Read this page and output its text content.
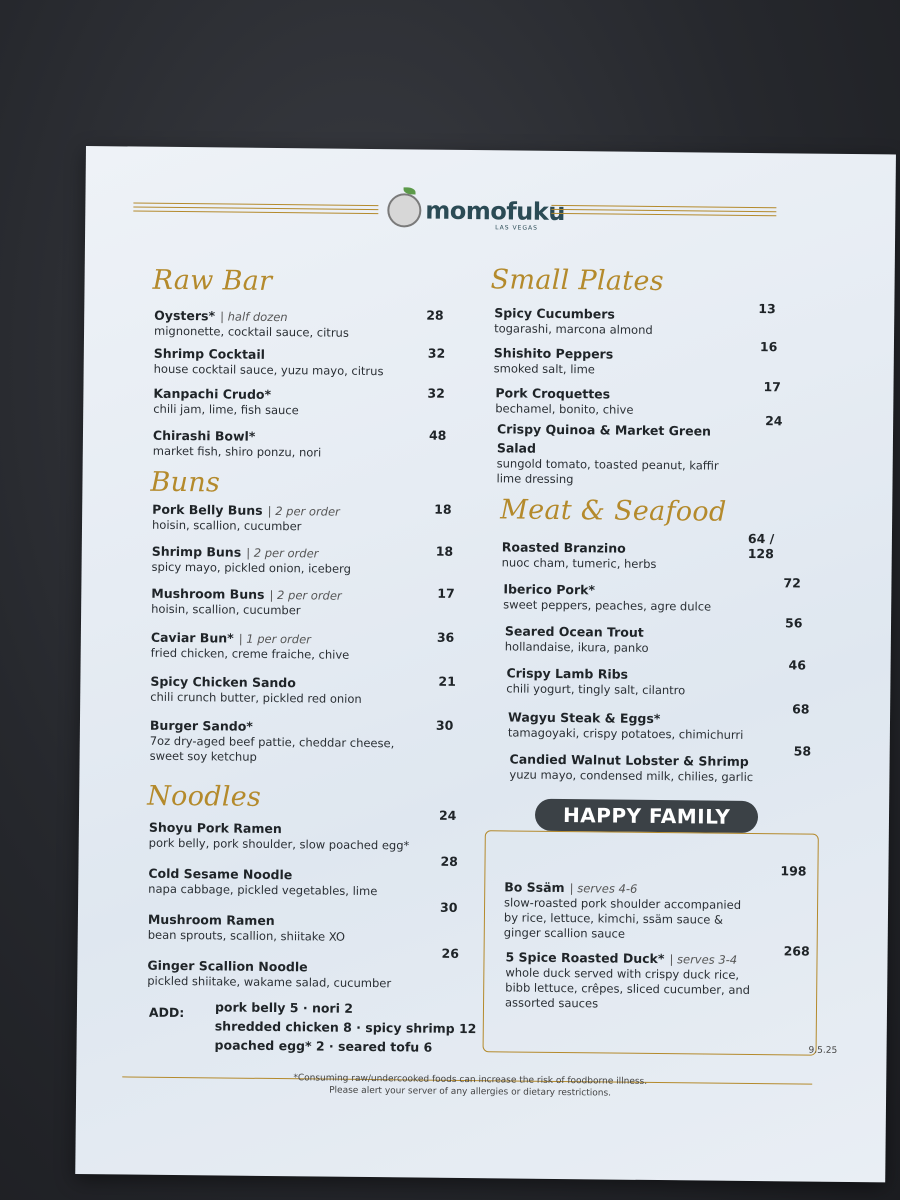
momofuku
LAS VEGAS
Raw Bar
Oysters* | half dozen
mignonette, cocktail sauce, citrus
28
Shrimp Cocktail
house cocktail sauce, yuzu mayo, citrus
32
Kanpachi Crudo*
chili jam, lime, fish sauce
32
Chirashi Bowl*
market fish, shiro ponzu, nori
48
Buns
Pork Belly Buns | 2 per order
hoisin, scallion, cucumber
18
Shrimp Buns | 2 per order
spicy mayo, pickled onion, iceberg
18
Mushroom Buns | 2 per order
hoisin, scallion, cucumber
17
Caviar Bun* | 1 per order
fried chicken, creme fraiche, chive
36
Spicy Chicken Sando
chili crunch butter, pickled red onion
21
Burger Sando*
7oz dry-aged beef pattie, cheddar cheese, sweet soy ketchup
30
Noodles
Shoyu Pork Ramen
pork belly, pork shoulder, slow poached egg*
24
Cold Sesame Noodle
napa cabbage, pickled vegetables, lime
28
Mushroom Ramen
bean sprouts, scallion, shiitake XO
30
Ginger Scallion Noodle
pickled shiitake, wakame salad, cucumber
26
ADD: pork belly 5 · nori 2
shredded chicken 8 · spicy shrimp 12
poached egg* 2 · seared tofu 6
Small Plates
Spicy Cucumbers
togarashi, marcona almond
13
Shishito Peppers
smoked salt, lime
16
Pork Croquettes
bechamel, bonito, chive
17
Crispy Quinoa & Market Green Salad
sungold tomato, toasted peanut, kaffir lime dressing
24
Meat & Seafood
Roasted Branzino
nuoc cham, tumeric, herbs
64 / 128
Iberico Pork*
sweet peppers, peaches, agre dulce
72
Seared Ocean Trout
hollandaise, ikura, panko
56
Crispy Lamb Ribs
chili yogurt, tingly salt, cilantro
46
Wagyu Steak & Eggs*
tamagoyaki, crispy potatoes, chimichurri
68
Candied Walnut Lobster & Shrimp
yuzu mayo, condensed milk, chilies, garlic
58
HAPPY FAMILY
Bo Ssäm | serves 4-6
slow-roasted pork shoulder accompanied by rice, lettuce, kimchi, ssäm sauce & ginger scallion sauce
198
5 Spice Roasted Duck* | serves 3-4
whole duck served with crispy duck rice, bibb lettuce, crêpes, sliced cucumber, and assorted sauces
268
9.5.25
*Consuming raw/undercooked foods can increase the risk of foodborne illness.
Please alert your server of any allergies or dietary restrictions.
